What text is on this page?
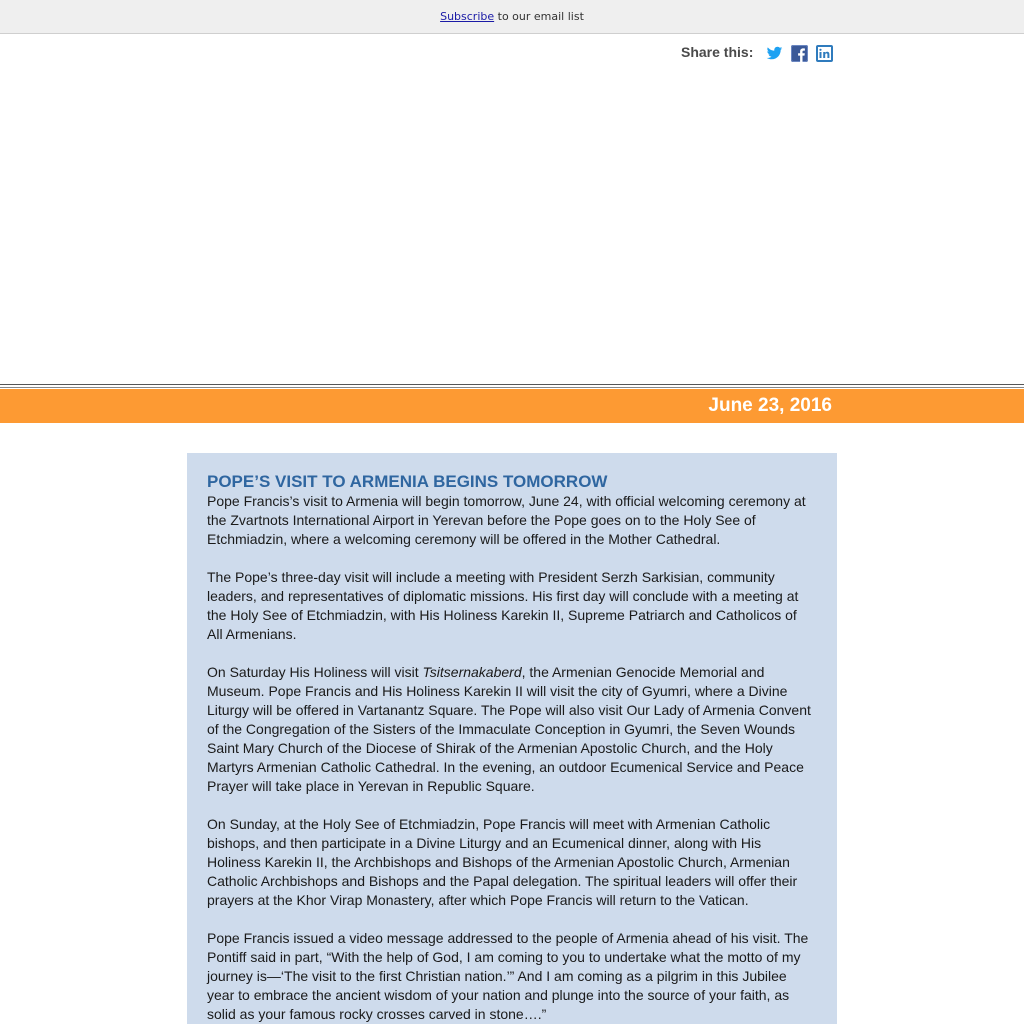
Subscribe to our email list
Share this:
June 23, 2016
POPE’S VISIT TO ARMENIA BEGINS TOMORROW

Pope Francis’s visit to Armenia will begin tomorrow, June 24, with official welcoming ceremony at the Zvartnots International Airport in Yerevan before the Pope goes on to the Holy See of Etchmiadzin, where a welcoming ceremony will be offered in the Mother Cathedral.

The Pope’s three-day visit will include a meeting with President Serzh Sarkisian, community leaders, and representatives of diplomatic missions. His first day will conclude with a meeting at the Holy See of Etchmiadzin, with His Holiness Karekin II, Supreme Patriarch and Catholicos of All Armenians.

On Saturday His Holiness will visit Tsitsernakaberd, the Armenian Genocide Memorial and Museum. Pope Francis and His Holiness Karekin II will visit the city of Gyumri, where a Divine Liturgy will be offered in Vartanantz Square. The Pope will also visit Our Lady of Armenia Convent of the Congregation of the Sisters of the Immaculate Conception in Gyumri, the Seven Wounds Saint Mary Church of the Diocese of Shirak of the Armenian Apostolic Church, and the Holy Martyrs Armenian Catholic Cathedral. In the evening, an outdoor Ecumenical Service and Peace Prayer will take place in Yerevan in Republic Square.

On Sunday, at the Holy See of Etchmiadzin, Pope Francis will meet with Armenian Catholic bishops, and then participate in a Divine Liturgy and an Ecumenical dinner, along with His Holiness Karekin II, the Archbishops and Bishops of the Armenian Apostolic Church, Armenian Catholic Archbishops and Bishops and the Papal delegation. The spiritual leaders will offer their prayers at the Khor Virap Monastery, after which Pope Francis will return to the Vatican.

Pope Francis issued a video message addressed to the people of Armenia ahead of his visit. The Pontiff said in part, “With the help of God, I am coming to you to undertake what the motto of my journey is—‘The visit to the first Christian nation.’” And I am coming as a pilgrim in this Jubilee year to embrace the ancient wisdom of your nation and plunge into the source of your faith, as solid as your famous rocky crosses carved in stone….”
